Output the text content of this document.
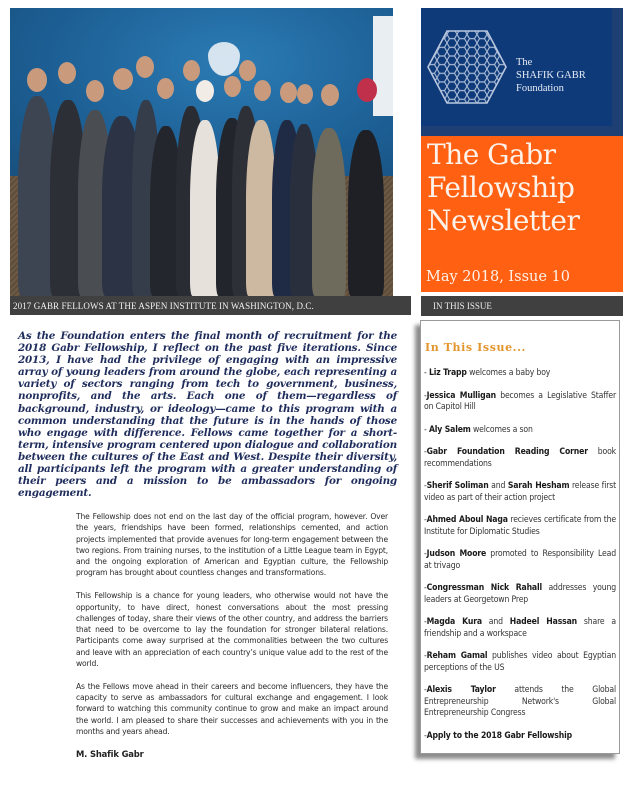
2017 GABR FELLOWS AT THE ASPEN INSTITUTE IN WASHINGTON, D.C.
The
SHAFIK GABR
Foundation
The Gabr
Fellowship
Newsletter
May 2018, Issue 10
IN THIS ISSUE
In This Issue...
- Liz Trapp welcomes a baby boy
-Jessica Mulligan becomes a Legislative Staffer on Capitol Hill
- Aly Salem welcomes a son
-Gabr Foundation Reading Corner book recommendations
-Sherif Soliman and Sarah Hesham release first video as part of their action project
-Ahmed Aboul Naga recieves certificate from the Institute for Diplomatic Studies
-Judson Moore promoted to Responsibility Lead at trivago
-Congressman Nick Rahall addresses young leaders at Georgetown Prep
-Magda Kura and Hadeel Hassan share a friendship and a workspace
-Reham Gamal publishes video about Egyptian perceptions of the US
-Alexis Taylor attends the Global Entrepreneurship Network's Global Entrepreneurship Congress
-Apply to the 2018 Gabr Fellowship
As the Foundation enters the final month of recruitment for the 2018 Gabr Fellowship, I reflect on the past five iterations. Since 2013, I have had the privilege of engaging with an impressive array of young leaders from around the globe, each representing a variety of sectors ranging from tech to government, business, nonprofits, and the arts. Each one of them—regardless of background, industry, or ideology—came to this program with a common understanding that the future is in the hands of those who engage with difference. Fellows came together for a short-term, intensive program centered upon dialogue and collaboration between the cultures of the East and West. Despite their diversity, all participants left the program with a greater understanding of their peers and a mission to be ambassadors for ongoing engagement.

The Fellowship does not end on the last day of the official program, however. Over the years, friendships have been formed, relationships cemented, and action projects implemented that provide avenues for long-term engagement between the two regions. From training nurses, to the institution of a Little League team in Egypt, and the ongoing exploration of American and Egyptian culture, the Fellowship program has brought about countless changes and transformations.

This Fellowship is a chance for young leaders, who otherwise would not have the opportunity, to have direct, honest conversations about the most pressing challenges of today, share their views of the other country, and address the barriers that need to be overcome to lay the foundation for stronger bilateral relations. Participants come away surprised at the commonalities between the two cultures and leave with an appreciation of each country’s unique value add to the rest of the world.

As the Fellows move ahead in their careers and become influencers, they have the capacity to serve as ambassadors for cultural exchange and engagement. I look forward to watching this community continue to grow and make an impact around the world. I am pleased to share their successes and achievements with you in the months and years ahead.

M. Shafik Gabr
